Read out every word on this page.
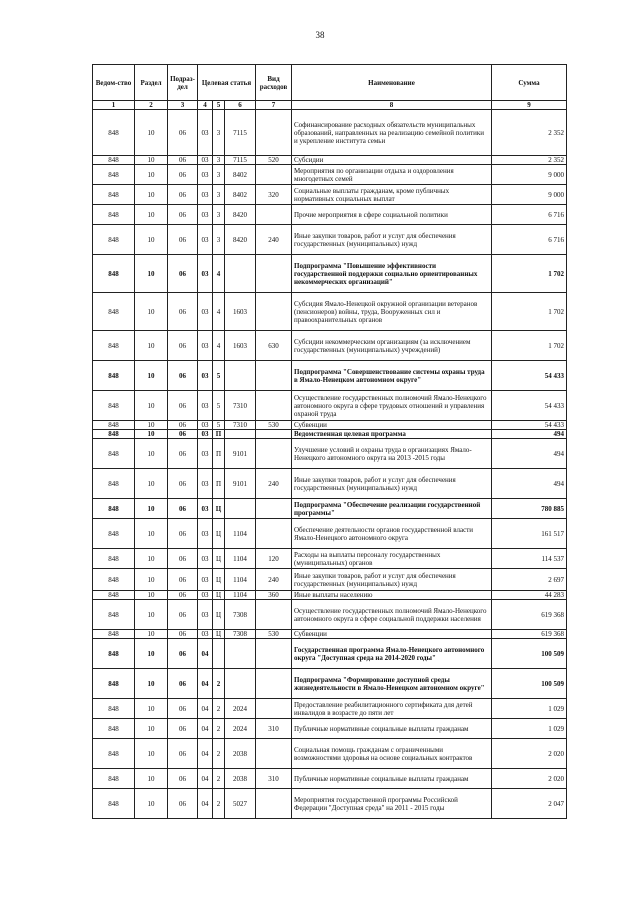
38
Ведом-ство	Раздел	Подраз-дел	Целевая статья			Вид расходов	Наименование	Сумма
1	2	3	4	5	6	7	8	9
848	10	06	03	3	7115		Софинансирование расходных обязательств муниципальных образований, направленных на реализацию семейной политики и укрепление института семьи	2 352
848	10	06	03	3	7115	520	Субсидии	2 352
848	10	06	03	3	8402		Мероприятия по организации отдыха и оздоровления многодетных семей	9 000
848	10	06	03	3	8402	320	Социальные выплаты гражданам, кроме публичных нормативных социальных выплат	9 000
848	10	06	03	3	8420		Прочие мероприятия в сфере социальной политики	6 716
848	10	06	03	3	8420	240	Иные закупки товаров, работ и услуг для обеспечения государственных (муниципальных) нужд	6 716
848	10	06	03	4			Подпрограмма "Повышение эффективности государственной поддержки социально ориентированных некоммерческих организаций"	1 702
848	10	06	03	4	1603		Субсидия Ямало-Ненецкой окружной организации ветеранов (пенсионеров) войны, труда, Вооруженных сил и правоохранительных органов	1 702
848	10	06	03	4	1603	630	Субсидии некоммерческим организациям (за исключением государственных (муниципальных) учреждений)	1 702
848	10	06	03	5			Подпрограмма "Совершенствование системы охраны труда в Ямало-Ненецком автономном округе"	54 433
848	10	06	03	5	7310		Осуществление государственных полномочий Ямало-Ненецкого автономного округа в сфере трудовых отношений и управления охраной труда	54 433
848	10	06	03	5	7310	530	Субвенции	54 433
848	10	06	03	П			Ведомственная целевая программа	494
848	10	06	03	П	9101		Улучшение условий и охраны труда в организациях Ямало-Ненецкого автономного округа на 2013 -2015 годы	494
848	10	06	03	П	9101	240	Иные закупки товаров, работ и услуг для обеспечения государственных (муниципальных) нужд	494
848	10	06	03	Ц			Подпрограмма "Обеспечение реализации государственной программы"	780 885
848	10	06	03	Ц	1104		Обеспечение деятельности органов государственной власти Ямало-Ненецкого автономного округа	161 517
848	10	06	03	Ц	1104	120	Расходы на выплаты персоналу государственных (муниципальных) органов	114 537
848	10	06	03	Ц	1104	240	Иные закупки товаров, работ и услуг для обеспечения государственных (муниципальных) нужд	2 697
848	10	06	03	Ц	1104	360	Иные выплаты населению	44 283
848	10	06	03	Ц	7308		Осуществление государственных полномочий Ямало-Ненецкого автономного округа в сфере социальной поддержки населения	619 368
848	10	06	03	Ц	7308	530	Субвенции	619 368
848	10	06	04				Государственная программа Ямало-Ненецкого автономного округа "Доступная среда на 2014-2020 годы"	100 509
848	10	06	04	2			Подпрограмма "Формирование доступной среды жизнедеятельности в Ямало-Ненецком автономном округе"	100 509
848	10	06	04	2	2024		Предоставление реабилитационного сертификата для детей инвалидов в возрасте до пяти лет	1 029
848	10	06	04	2	2024	310	Публичные нормативные социальные выплаты гражданам	1 029
848	10	06	04	2	2038		Социальная помощь гражданам с ограниченными возможностями здоровья на основе социальных контрактов	2 020
848	10	06	04	2	2038	310	Публичные нормативные социальные выплаты гражданам	2 020
848	10	06	04	2	5027		Мероприятия государственной программы Российской Федерации "Доступная среда" на 2011 - 2015 годы	2 047
